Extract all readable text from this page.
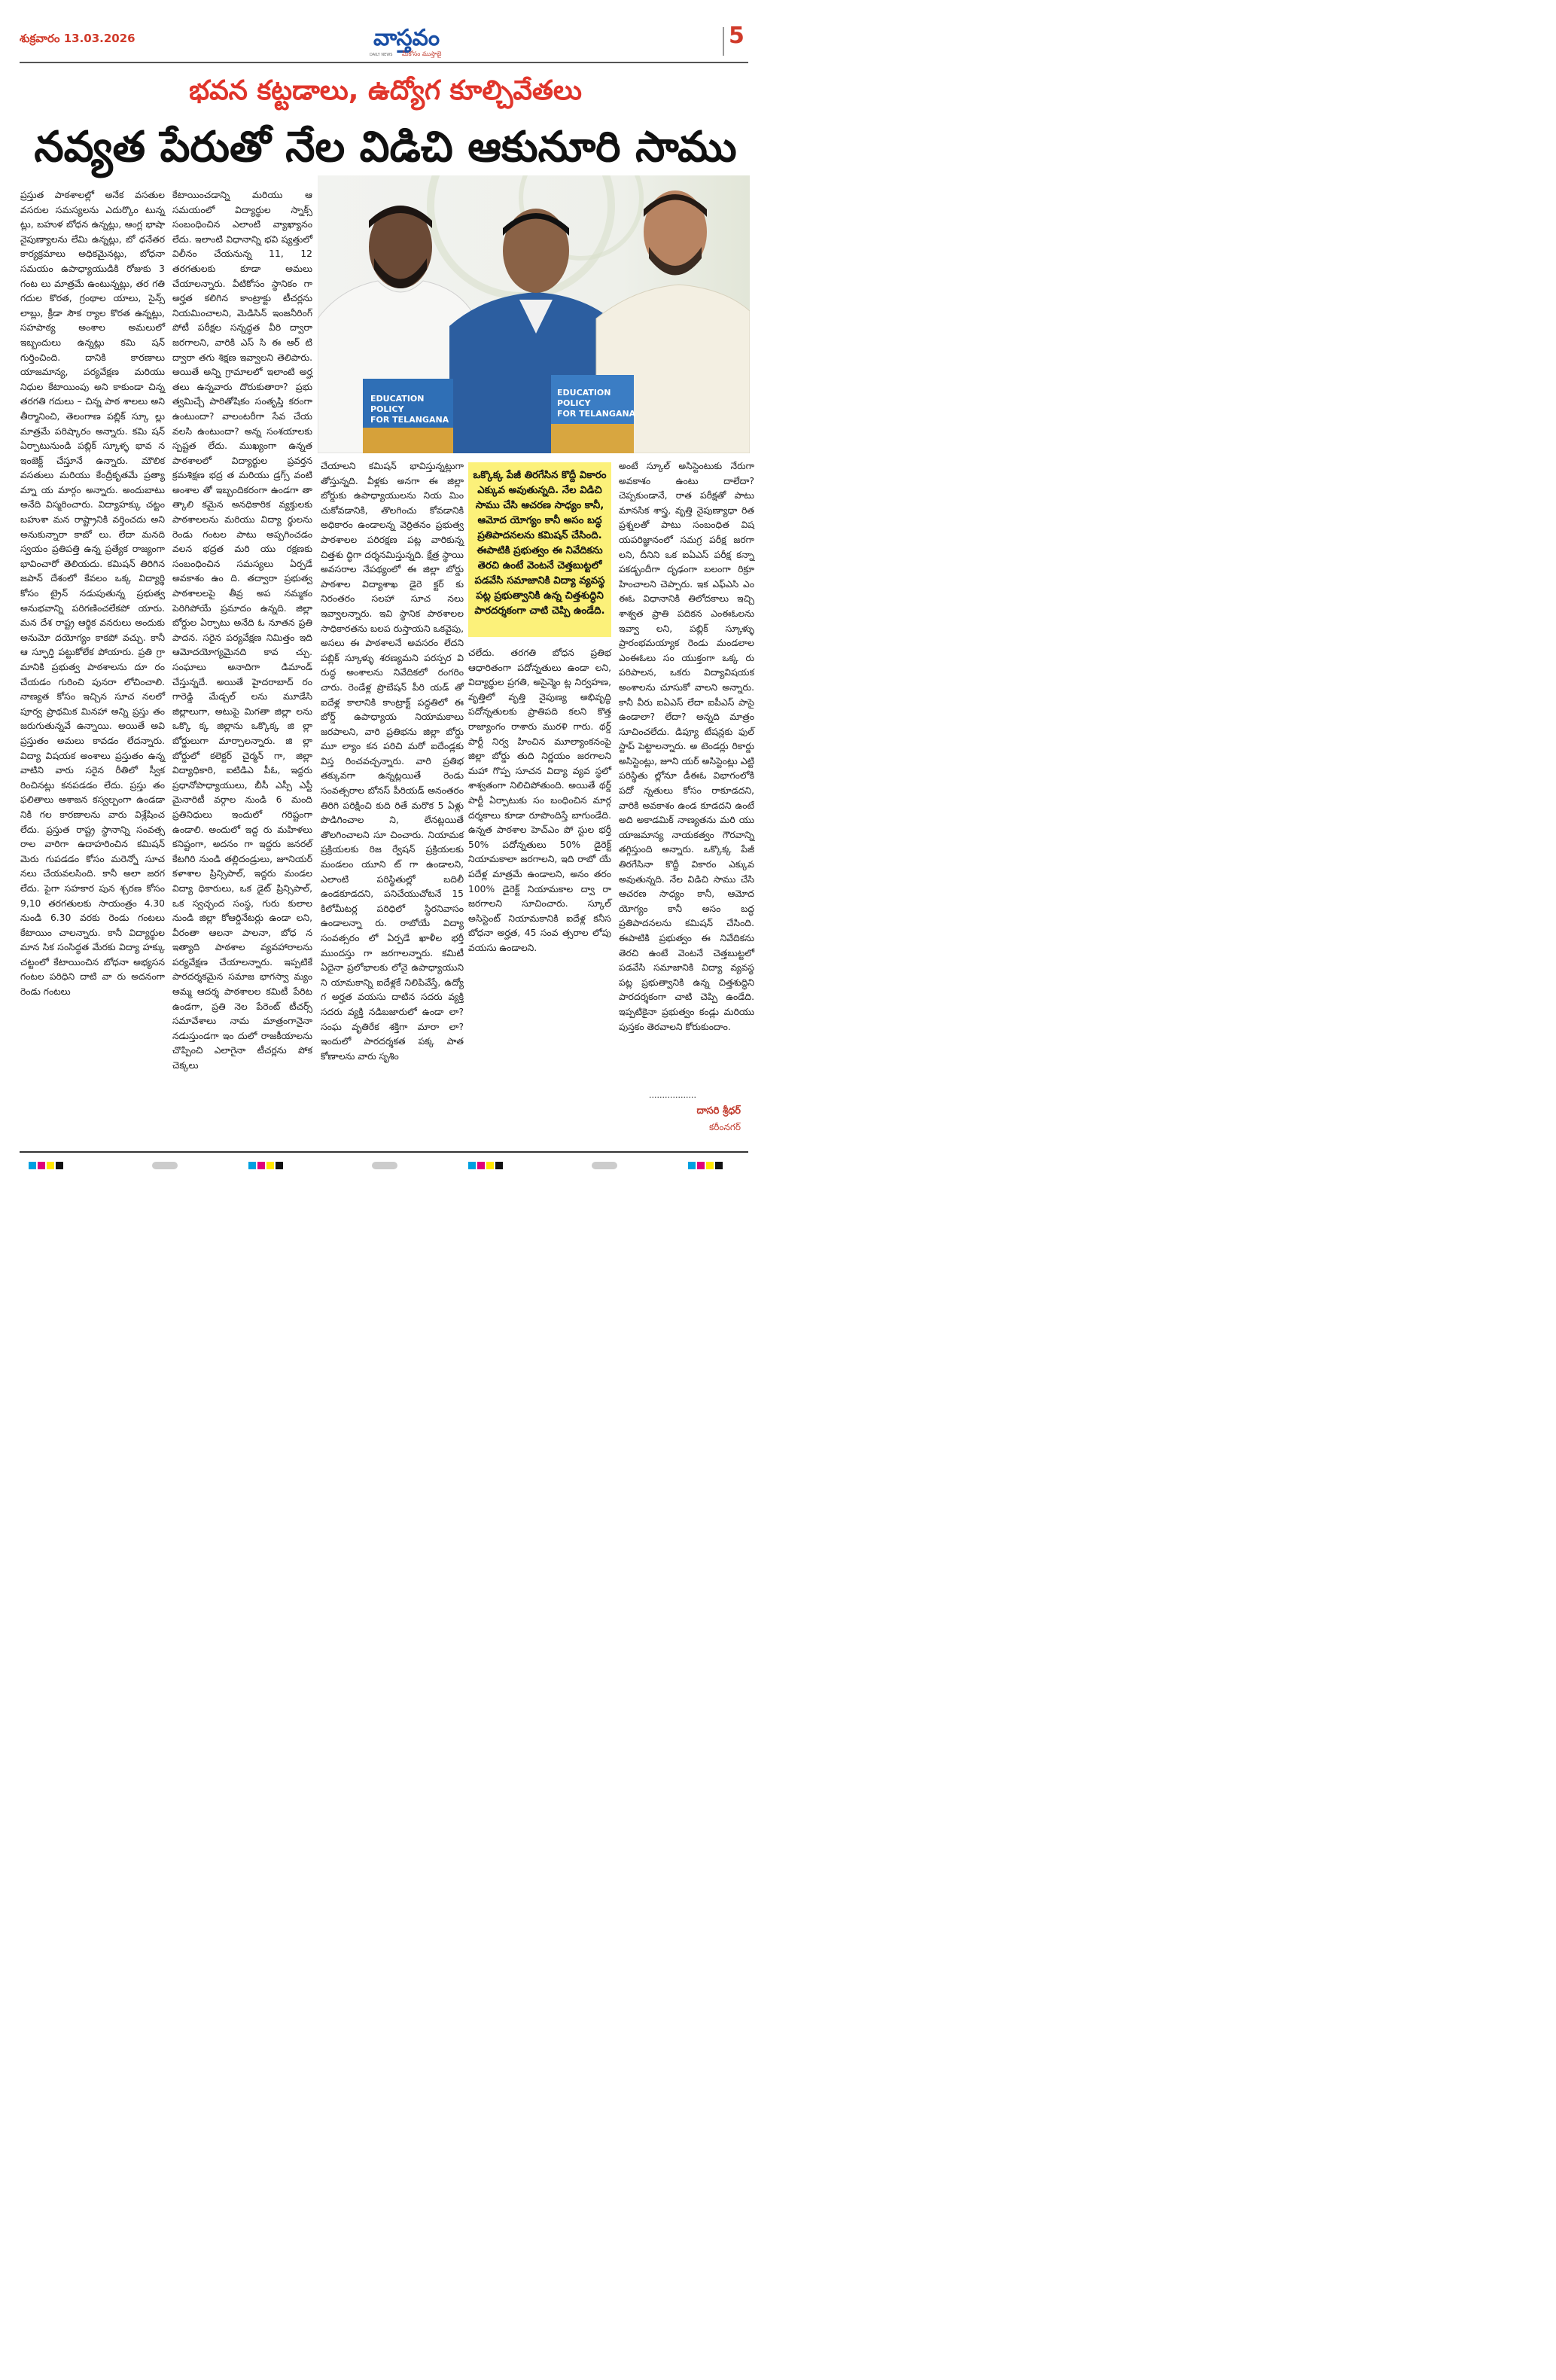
శుక్రవారం 13.03.2026	వాస్తవం
DAILY NEWS మీకోసం ముస్తాబై
5
భవన కట్టడాలు, ఉద్యోగ కూల్చివేతలు
నవ్యత పేరుతో నేల విడిచి ఆకునూరి సాము

ప్రస్తుత పాఠశాలల్లో అనేక వసతుల వసరుల సమస్యలను ఎదుర్కొం టున్న ట్లు, బహుళ బోధన ఉన్నట్లు, ఆంగ్ల భాషా నైపుణ్యాలను లేమి ఉన్నట్లు, బో ధనేతర కార్యక్రమాలు అధికమైనట్లు, బోధనా సమయం ఉపాధ్యాయుడికి రోజుకు 3 గంట లు మాత్రమే ఉంటున్నట్లు, తర గతి గదుల కొరత, గ్రంథాల యాలు, సైన్స్ లాబ్లు, క్రీడా సౌక ర్యాల కొరత ఉన్నట్లు, సహపాఠ్య అంశాల అమలులో ఇబ్బందులు ఉన్నట్లు కమి షన్ గుర్తించింది. దానికి కారణాలు యాజమాన్య, పర్యవేక్షణ మరియు నిధుల కేటాయింపు అని కాకుండా చిన్న తరగతి గదులు – చిన్న పాఠ శాలలు అని తీర్మానించి, తెలంగాణ పబ్లిక్ స్కూ ల్లు మాత్రమే పరిష్కారం అన్నారు. కమి షన్ ఏర్పాటునుండి పబ్లిక్ స్కూళ్ళ భావ న ఇంజెక్ట్ చేస్తూనే ఉన్నారు. మౌలిక వసతులు మరియు కేంద్రీకృతమే ప్రత్యా మ్నా య మార్గం అన్నారు. అందుబాటు అనేది విస్మరించారు. విద్యాహక్కు చట్టం బహుశా మన రాష్ట్రానికి వర్తించదు అని అనుకున్నారా కాబో లు. లేదా మనది స్వయం ప్రతిపత్తి ఉన్న ప్రత్యేక రాజ్యంగా భావించారో తెలియదు. కమిషన్ తిరిగిన జపాన్ దేశంలో కేవలం ఒక్క విద్యార్థి కోసం ట్రైన్ నడుపుతున్న ప్రభుత్వ అనుభవాన్ని పరిగణించలేకపో యారు. మన దేశ రాష్ట్ర ఆర్థిక వనరులు అందుకు అనుమో దయోగ్యం కాకపో వచ్చు. కానీ ఆ స్ఫూర్తి పట్టుకోలేక పోయారు. ప్రతి గ్రా మానికి ప్రభుత్వ పాఠశాలను దూ రం చేయడం గురించి పునరా లోచించాలి. నాణ్యత కోసం ఇచ్చిన సూచ నలలో పూర్వ ప్రాథమిక మినహా అన్ని ప్రస్తు తం జరుగుతున్నవే ఉన్నాయి. అయితే అవి ప్రస్తుతం అమలు కావడం లేదన్నారు. విద్యా విషయక అంశాలు ప్రస్తుతం ఉన్న వాటిని వారు సరైన రీతిలో స్వీక రించినట్లు కనపడడం లేదు. ప్రస్తు తం ఫలితాలు ఆశాజన కస్వల్పంగా ఉండడా నికి గల కారణాలను వారు విశ్లేషించ లేదు. ప్రస్తుత రాష్ట్ర స్థానాన్ని సంవత్స రాల వారిగా ఉదాహరించిన కమిషన్ మెరు గుపడడం కోసం మరెన్నో సూచ నలు చేయవలసింది. కానీ అలా జరగ లేదు. పైగా సహకార పున శ్చరణ కోసం 9,10 తరగతులకు సాయంత్రం 4.30 నుండి 6.30 వరకు రెండు గంటలు కేటాయిం చాలన్నారు. కానీ విద్యార్థుల మాన సిక సంసిద్ధత మేరకు విద్యా హక్కు చట్టంలో కేటాయించిన బోధనా అభ్యసన గంటల పరిధిని దాటి వా రు అదనంగా రెండు గంటలు

కేటాయించడాన్ని మరియు ఆ సమయంలో విద్యార్థుల స్నాక్స్ సంబంధించిన ఎలాంటి వ్యాఖ్యానం లేదు. ఇలాంటి విధానాన్ని భవి ష్యత్తులో విలీనం చేయనున్న 11, 12 తరగతులకు కూడా అమలు చేయాలన్నారు. వీటికోసం స్థానికం గా అర్హత కలిగిన కాంట్రాక్టు టీచర్లను నియమించాలని, మెడిసిన్ ఇంజనీరింగ్ పోటీ పరీక్షల సన్నద్ధత వీరి ద్వారా జరగాలని, వారికి ఎస్ సి ఈ ఆర్ టి ద్వారా తగు శిక్షణ ఇవ్వాలని తెలిపారు. అయితే అన్ని గ్రామాలలో ఇలాంటి అర్హ తలు ఉన్నవారు దొరుకుతారా? ప్రభు త్వమిచ్చే పారితోషికం సంతృప్తి కరంగా ఉంటుందా? వాలంటరీగా సేవ చేయ వలసి ఉంటుందా? అన్న సంశయాలకు స్పష్టత లేదు. ముఖ్యంగా ఉన్నత పాఠశాలలో విద్యార్థుల ప్రవర్తన క్రమశిక్షణ భద్ర త మరియు డ్రగ్స్ వంటి అంశాల తో ఇబ్బందికరంగా ఉండగా తా త్కాలి కమైన అనధికారిక వ్యక్తులకు పాఠశాలలను మరియు విద్యా ర్థులను రెండు గంటల పాటు అప్పగించడం వలన భద్రత మరి యు రక్షణకు సంబంధించిన సమస్యలు ఏర్పడే అవకాశం ఉం ది. తద్వారా ప్రభుత్వ పాఠశాలలపై తీవ్ర అప నమ్మకం పెరిగిపోయే ప్రమాదం ఉన్నది. జిల్లా బోర్డుల ఏర్పాటు అనేది ఓ నూతన ప్రతి పాదన. సరైన పర్యవేక్షణ నిమిత్తం ఇది ఆమోదయోగ్యమైనది కావ చ్చు. సంఘాలు అనాదిగా డిమాండ్ చేస్తున్నదే. అయితే హైదరాబాద్ రం గారెడ్డి మేడ్చల్ లను మూడేసి జిల్లాలుగా, అటుపై మిగతా జిల్లా లను ఒక్కొ క్క జిల్లాను ఒక్కొక్క జి ల్లా బోర్డులుగా మార్చాలన్నారు. జి ల్లా బోర్డులో కలెక్టర్ చైర్మన్ గా, జిల్లా విద్యాధికారి, ఐటిడిఎ పీఓ, ఇద్దరు ప్రధానోపాధ్యాయులు, బీసీ ఎస్సీ ఎస్టీ మైనారిటీ వర్గాల నుండి 6 మంది ప్రతినిధులు ఇందులో గరిష్టంగా ఉండాలి. అందులో ఇద్ద రు మహిళలు కనిష్టంగా, అదనం గా ఇద్దరు జనరల్ కేటగిరి నుండి తల్లిదండ్రులు, జూనియర్ కళాశాల ప్రిన్సిపాల్, ఇద్దరు మండల విద్యా ధికారులు, ఒక డైట్ ప్రిన్సిపాల్, ఒక స్వచ్ఛంద సంస్థ, గురు కులాల నుండి జిల్లా కోఆర్డినేటర్లు ఉండా లని, వీరంతా ఆలనా పాలనా, బోధ న ఇత్యాది పాఠశాల వ్యవహారాలను పర్యవేక్షణ చేయాలన్నారు. ఇప్పటికే పారదర్శకమైన సమాజ భాగస్వా మ్యం అమ్మ ఆదర్శ పాఠశాలల కమిటీ పేరిట ఉండగా, ప్రతి నెల పేరెంట్ టీచర్స్ సమావేశాలు నామ మాత్రంగానైనా నడుస్తుండగా ఇం దులో రాజకీయాలను చొప్పించి ఎలాగైనా టీచర్లను పోక చెక్కలు

EDUCATION
POLICY
FOR TELANGANA
EDUCATION
POLICY
FOR TELANGANA

చేయాలని కమిషన్ భావిస్తున్నట్లుగా తోస్తున్నది. వీళ్లకు అనగా ఈ జిల్లా బోర్డుకు ఉపాధ్యాయులను నియ మిం చుకోవడానికి, తొలగించు కోవడానికి అధికారం ఉండాలన్న వెర్రితనం ప్రభుత్వ పాఠశాలల పరిరక్షణ పట్ల వారికున్న చిత్తశు ద్ధిగా దర్శనమిస్తున్నది. క్షేత్ర స్థాయి అవసరాల నేపథ్యంలో ఈ జిల్లా బోర్డు పాఠశాల విద్యాశాఖ డైరె క్టర్ కు నిరంతరం సలహా సూచ నలు ఇవ్వాలన్నారు. ఇవి స్థానిక పాఠశాలల సాధికారతను బలప రుస్తాయని ఒకవైపు, అసలు ఈ పాఠశాలనే అవసరం లేదని పబ్లిక్ స్కూళ్ళు శరణ్యమని పరస్పర వి రుద్ధ అంశాలను నివేదికలో రంగరిం చారు. రెండేళ్ల ప్రొబేషన్ పీరి యడ్ తో ఐదేళ్ల కాలానికి కాంట్రాక్ట్ పద్ధతిలో ఈ బోర్డ్ ఉపాధ్యాయ నియామకాలు జరపాలని, వారి ప్రతిభను జిల్లా బోర్డు మూ ల్యాం కన పరిచి మరో ఐదేండ్లకు విస్త రించవచ్చన్నారు. వారి ప్రతిభ తక్కువగా ఉన్నట్లయితే రెండు సంవత్సరాల బోనస్ పీరియడ్ అనంతరం తిరిగి పరిక్షించి కుది రితే మరొక 5 ఏళ్లు పొడిగించాల ని, లేనట్లయితే తొలగించాలని సూ చించారు. నియామక ప్రక్రియలకు రిజ ర్వేషన్ ప్రక్రియలకు మండలం యూని ట్ గా ఉండాలని, ఎలాంటి పరిస్థితుల్లో బదిలీ ఉండకూడదని, పనిచేయుచోటనే 15 కిలోమీటర్ల పరిధిలో స్థిరనివాసం ఉండాలన్నా రు. రాబోయే విద్యా సంవత్సరం లో ఏర్పడే ఖాళీల భర్తీ ముందస్తు గా జరగాలన్నారు. కమిటీ ఏదైనా ప్రలోభాలకు లోనై ఉపాధ్యాయుని ని యామకాన్ని ఐదేళ్లకే నిలిపివేస్తే, ఉద్యో గ అర్హత వయసు దాటిన సదరు వ్యక్తి సదరు వ్యక్తి నడిబజారులో ఉండా లా? సంఘ వృతిరేక శక్తిగా మారా లా? ఇందులో పారదర్శకత పక్క పాత కోణాలను వారు సృశిం

ఒక్కొక్క పేజీ తిరగేసిన కొద్దీ వికారం ఎక్కువ అవుతున్నది. నేల విడిచి సాము చేసి ఆచరణ సాధ్యం కానీ, ఆమోద యోగ్యం కానీ అసం బద్ధ ప్రతిపాదనలను కమిషన్ చేసింది. ఈపాటికి ప్రభుత్వం ఈ నివేదికను తెరచి ఉంటే వెంటనే చెత్తబుట్టలో పడవేసి సమాజానికి విద్యా వ్యవస్థ పట్ల ప్రభుత్వానికి ఉన్న చిత్తశుద్ధిని పారదర్శకంగా చాటి చెప్పి ఉండేది.

చలేదు. తరగతి బోధన ప్రతిభ ఆధారితంగా పదోన్నతులు ఉండా లని, విద్యార్థుల ప్రగతి, అసైన్మెం ట్ల నిర్వహణ, వృత్తిలో వృత్తి నైపుణ్య అభివృద్ధి పదోన్నతులకు ప్రాతిపది కలని కొత్త రాజ్యాంగం రాశారు మురళి గారు. థర్డ్ పార్టీ నిర్వ హించిన మూల్యాంకనంపై జిల్లా బోర్డు తుది నిర్ణయం జరగాలని మహా గొప్ప సూచన విద్యా వ్యవ స్థలో శాశ్వతంగా నిలిచిపోతుంది. అయితే థర్డ్ పార్టీ ఏర్పాటుకు సం బంధించిన మార్గ దర్శకాలు కూడా రూపొందిస్తే బాగుండేది. ఉన్నత పాఠశాల హెచ్ఎం పో స్టుల భర్తీ 50% పదోన్నతులు 50% డైరెక్ట్ నియామకాలా జరగాలని, ఇది రాబో యే పదేళ్ల మాత్రమే ఉండాలని, అనం తరం 100% డైరెక్ట్ నియామకాల ద్వా రా జరగాలని సూచించారు. స్కూల్ అసిస్టెంట్ నియామకానికి ఐదేళ్ల కనీస బోధనా అర్హత, 45 సంవ త్సరాల లోపు వయసు ఉండాలని.

అంటే స్కూల్ అసిస్టెంటుకు నేరుగా అవకాశం ఉంటు దాలేదా? చెప్పకుండానే, రాత పరీక్షతో పాటు మానసిక శాస్త్ర, వృత్తి నైపుణ్యాధా రిత ప్రశ్నలతో పాటు సంబంధిత విష యపరిజ్ఞానంలో సమగ్ర పరీక్ష జరగా లని, దీనిని ఒక ఐఏఎస్ పరీక్ష కన్నా పకడ్బందీగా దృఢంగా బలంగా రిక్రూ హించాలని చెప్పారు. ఇక ఎఫ్ఎసి ఎం ఈఓ విధానానికి తిలోదకాలు ఇచ్చి శాశ్వత ప్రాతి పదికన ఎంఈఓలను ఇవ్వా లని, పబ్లిక్ స్కూళ్ళు ప్రారంభమయ్యాక రెండు మండలాల ఎంఈఓలు సం యుక్తంగా ఒక్క రు పరిపాలన, ఒకరు విద్యావిషయక అంశాలను చూసుకో వాలని అన్నారు. కానీ వీరు ఐఏఎస్ లేదా ఐపీఎస్ పాసై ఉండాలా? లేదా? అన్నది మాత్రం సూచించలేదు. డిప్యూ టేషన్లకు ఫుల్ స్టాప్ పెట్టాలన్నారు. అ టెండర్లు రికార్డు అసిస్టెంట్లు, జూని యర్ అసిస్టెంట్లు ఎట్టి పరిస్థితు ల్లోనూ డీఈఓ విభాగంలోకి పదో న్నతులు కోసం రాకూడదని, వారికి అవకాశం ఉండ కూడదని ఉంటే అది అకాడమిక్ నాణ్యతను మరి యు యాజమాన్య నాయకత్వం గౌరవాన్ని తగ్గిస్తుంది అన్నారు. ఒక్కొక్క పేజీ తిరగేసినా కొద్దీ వికారం ఎక్కువ అవుతున్నది. నేల విడిచి సాము చేసి ఆచరణ సాధ్యం కానీ, ఆమోద యోగ్యం కానీ అసం బద్ధ ప్రతిపాదనలను కమిషన్ చేసింది. ఈపాటికి ప్రభుత్వం ఈ నివేదికను తెరచి ఉంటే వెంటనే చెత్తబుట్టలో పడవేసి సమాజానికి విద్యా వ్యవస్థ పట్ల ప్రభుత్వానికి ఉన్న చిత్తశుద్ధిని పారదర్శకంగా చాటి చెప్పి ఉండేది. ఇప్పటికైనా ప్రభుత్వం కండ్లు మరియు పుస్తకం తెరవాలని కోరుకుందాం.

..................
దాసరి శ్రీధర్
కరీంనగర్
